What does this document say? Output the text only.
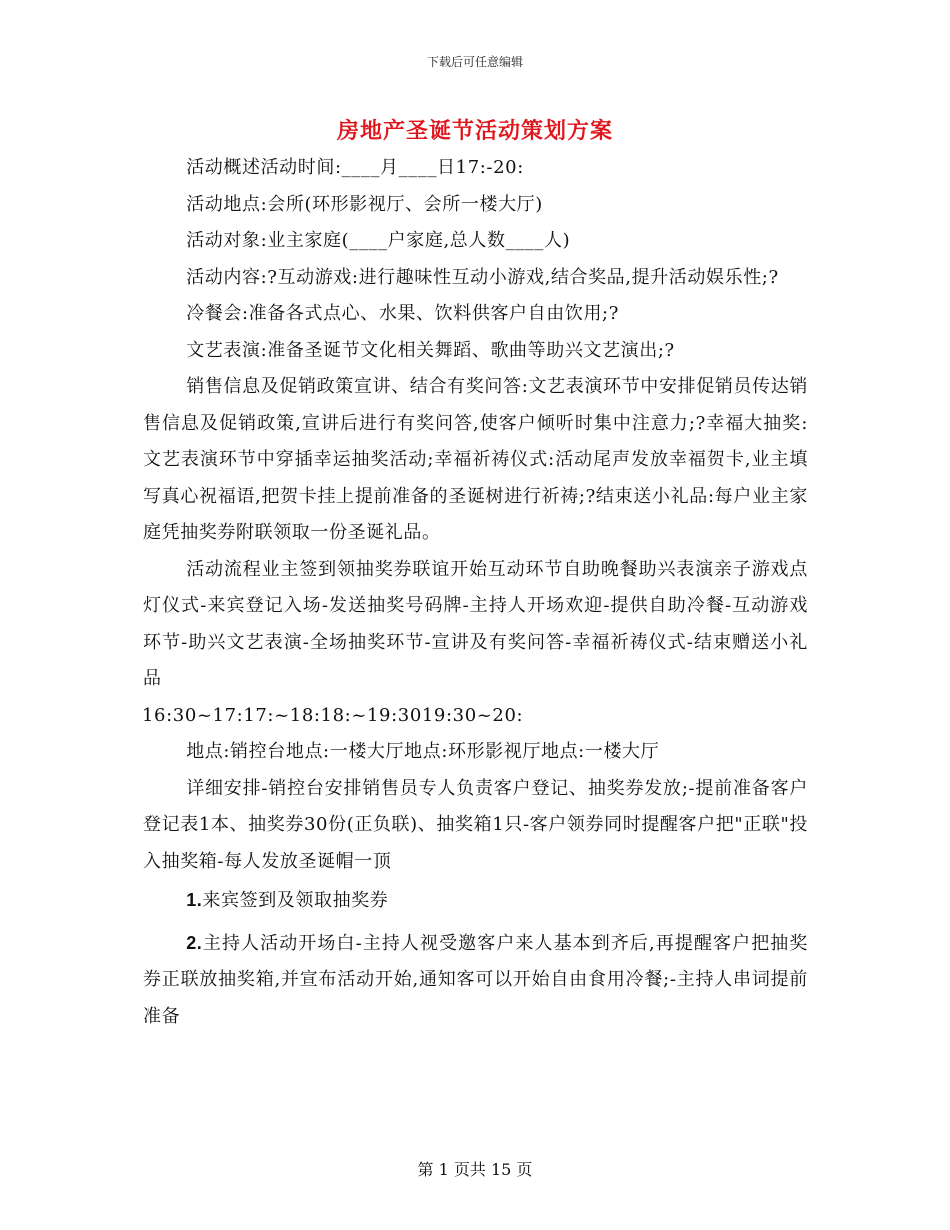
下载后可任意编辑
房地产圣诞节活动策划方案

活动概述活动时间:____月____日17:-20:

活动地点:会所(环形影视厅、会所一楼大厅)

活动对象:业主家庭(____户家庭,总人数____人)

活动内容:?互动游戏:进行趣味性互动小游戏,结合奖品,提升活动娱乐性;?

冷餐会:准备各式点心、水果、饮料供客户自由饮用;?

文艺表演:准备圣诞节文化相关舞蹈、歌曲等助兴文艺演出;?

销售信息及促销政策宣讲、结合有奖问答:文艺表演环节中安排促销员传达销售信息及促销政策,宣讲后进行有奖问答,使客户倾听时集中注意力;?幸福大抽奖:文艺表演环节中穿插幸运抽奖活动;幸福祈祷仪式:活动尾声发放幸福贺卡,业主填写真心祝福语,把贺卡挂上提前准备的圣诞树进行祈祷;?结束送小礼品:每户业主家庭凭抽奖券附联领取一份圣诞礼品。

活动流程业主签到领抽奖券联谊开始互动环节自助晚餐助兴表演亲子游戏点灯仪式-来宾登记入场-发送抽奖号码牌-主持人开场欢迎-提供自助冷餐-互动游戏环节-助兴文艺表演-全场抽奖环节-宣讲及有奖问答-幸福祈祷仪式-结束赠送小礼品

16:30~17:17:~18:18:~19:3019:30~20:

地点:销控台地点:一楼大厅地点:环形影视厅地点:一楼大厅

详细安排-销控台安排销售员专人负责客户登记、抽奖券发放;-提前准备客户登记表1本、抽奖券30份(正负联)、抽奖箱1只-客户领券同时提醒客户把"正联"投入抽奖箱-每人发放圣诞帽一顶

1.来宾签到及领取抽奖券

2.主持人活动开场白-主持人视受邀客户来人基本到齐后,再提醒客户把抽奖券正联放抽奖箱,并宣布活动开始,通知客可以开始自由食用冷餐;-主持人串词提前准备

第 1 页共 15 页
